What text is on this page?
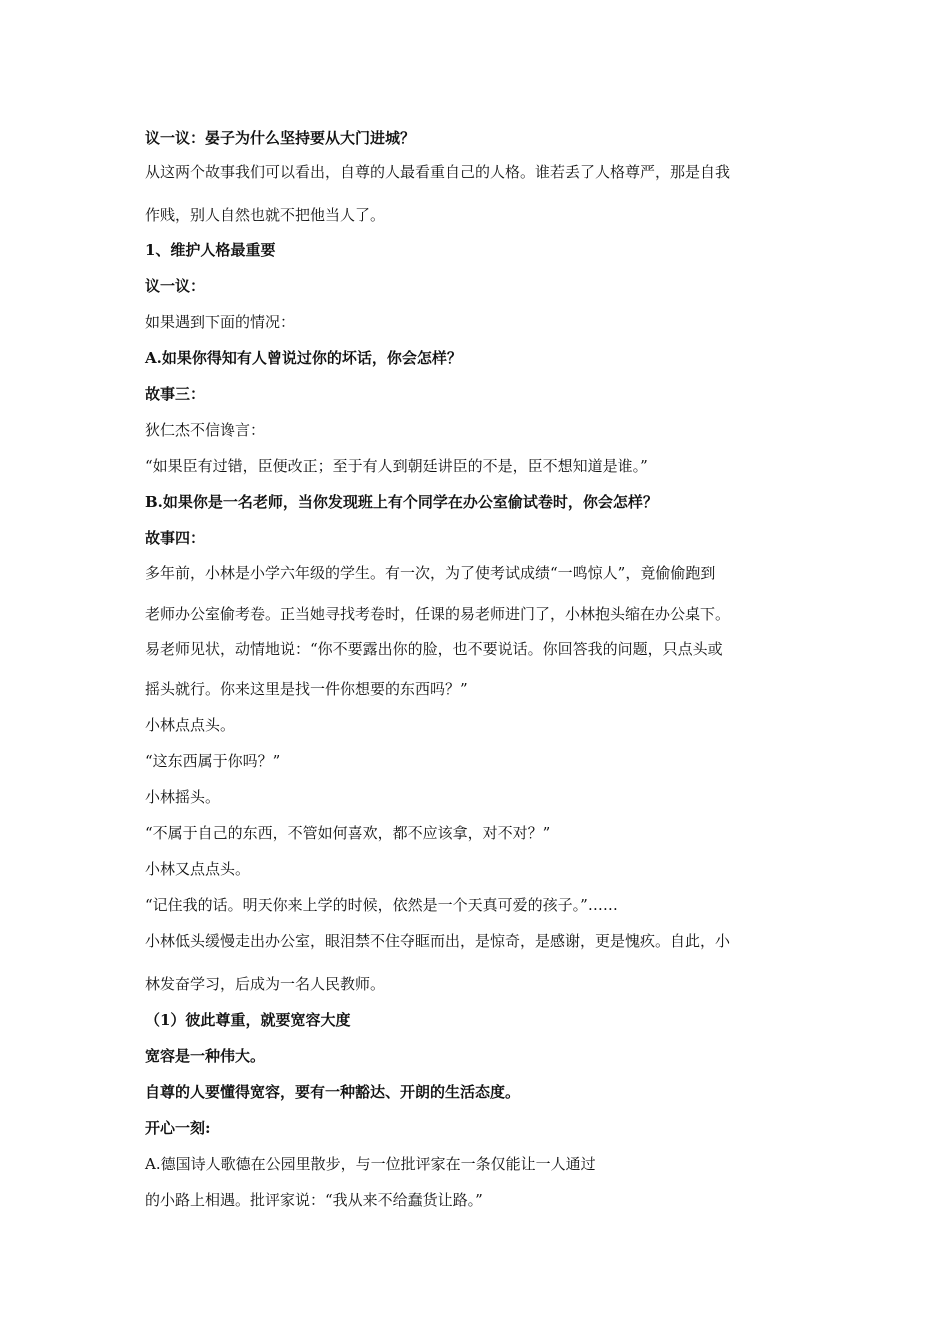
议一议：晏子为什么坚持要从大门进城？
从这两个故事我们可以看出，自尊的人最看重自己的人格。谁若丢了人格尊严，那是自我
作贱，别人自然也就不把他当人了。
1、维护人格最重要
议一议：
如果遇到下面的情况：
A.如果你得知有人曾说过你的坏话，你会怎样？
故事三：
狄仁杰不信谗言：
“如果臣有过错，臣便改正；至于有人到朝廷讲臣的不是，臣不想知道是谁。”
B.如果你是一名老师，当你发现班上有个同学在办公室偷试卷时，你会怎样？
故事四：
多年前，小林是小学六年级的学生。有一次，为了使考试成绩“一鸣惊人”，竟偷偷跑到
老师办公室偷考卷。正当她寻找考卷时，任课的易老师进门了，小林抱头缩在办公桌下。
易老师见状，动情地说：“你不要露出你的脸，也不要说话。你回答我的问题，只点头或
摇头就行。你来这里是找一件你想要的东西吗？”
小林点点头。
“这东西属于你吗？”
小林摇头。
“不属于自己的东西，不管如何喜欢，都不应该拿，对不对？”
小林又点点头。
“记住我的话。明天你来上学的时候，依然是一个天真可爱的孩子。”……
小林低头缓慢走出办公室，眼泪禁不住夺眶而出，是惊奇，是感谢，更是愧疚。自此，小
林发奋学习，后成为一名人民教师。
（1）彼此尊重，就要宽容大度
宽容是一种伟大。
自尊的人要懂得宽容，要有一种豁达、开朗的生活态度。
开心一刻:
A.德国诗人歌德在公园里散步，与一位批评家在一条仅能让一人通过
的小路上相遇。批评家说：“我从来不给蠢货让路。”
